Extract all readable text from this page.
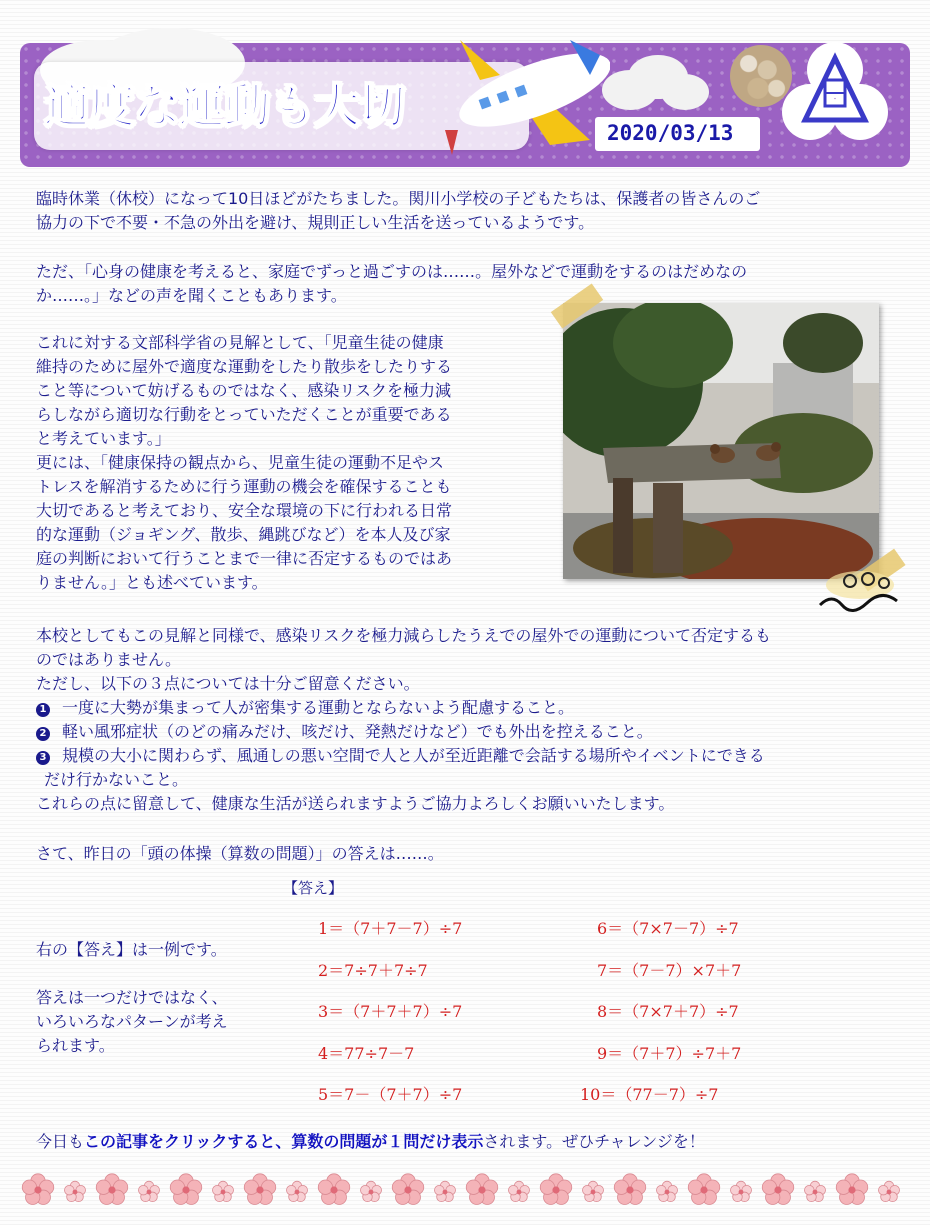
適度な運動も大切	2020/03/13

臨時休業（休校）になって10日ほどがたちました。関川小学校の子どもたちは、保護者の皆さんのご

協力の下で不要・不急の外出を避け、規則正しい生活を送っているようです。

ただ、「心身の健康を考えると、家庭でずっと過ごすのは‥‥‥。屋外などで運動をするのはだめなの

か‥‥‥。」などの声を聞くこともあります。

これに対する文部科学省の見解として、「児童生徒の健康

維持のために屋外で適度な運動をしたり散歩をしたりする

こと等について妨げるものではなく、感染リスクを極力減

らしながら適切な行動をとっていただくことが重要である

と考えています。」

更には、「健康保持の観点から、児童生徒の運動不足やス

トレスを解消するために行う運動の機会を確保することも

大切であると考えており、安全な環境の下に行われる日常

的な運動（ジョギング、散歩、縄跳びなど）を本人及び家

庭の判断において行うことまで一律に否定するものではあ

りません。」とも述べています。

本校としてもこの見解と同様で、感染リスクを極力減らしたうえでの屋外での運動について否定するも

のではありません。

ただし、以下の３点については十分ご留意ください。

1 一度に大勢が集まって人が密集する運動とならないよう配慮すること。

2 軽い風邪症状（のどの痛みだけ、咳だけ、発熱だけなど）でも外出を控えること。

3 規模の大小に関わらず、風通しの悪い空間で人と人が至近距離で会話する場所やイベントにできる

だけ行かないこと。

これらの点に留意して、健康な生活が送られますようご協力よろしくお願いいたします。

さて、昨日の「頭の体操（算数の問題）」の答えは‥‥‥。
【答え】

右の【答え】は一例です。

答えは一つだけではなく、

いろいろなパターンが考え

られます。

1＝（7＋7－7）÷7
2＝7÷7＋7÷7
3＝（7＋7＋7）÷7
4＝77÷7－7
5＝7－（7＋7）÷7
6＝（7×7－7）÷7
7＝（7－7）×7＋7
8＝（7×7＋7）÷7
9＝（7＋7）÷7＋7
10＝（77－7）÷7
今日もこの記事をクリックすると、算数の問題が１問だけ表示されます。ぜひチャレンジを！
